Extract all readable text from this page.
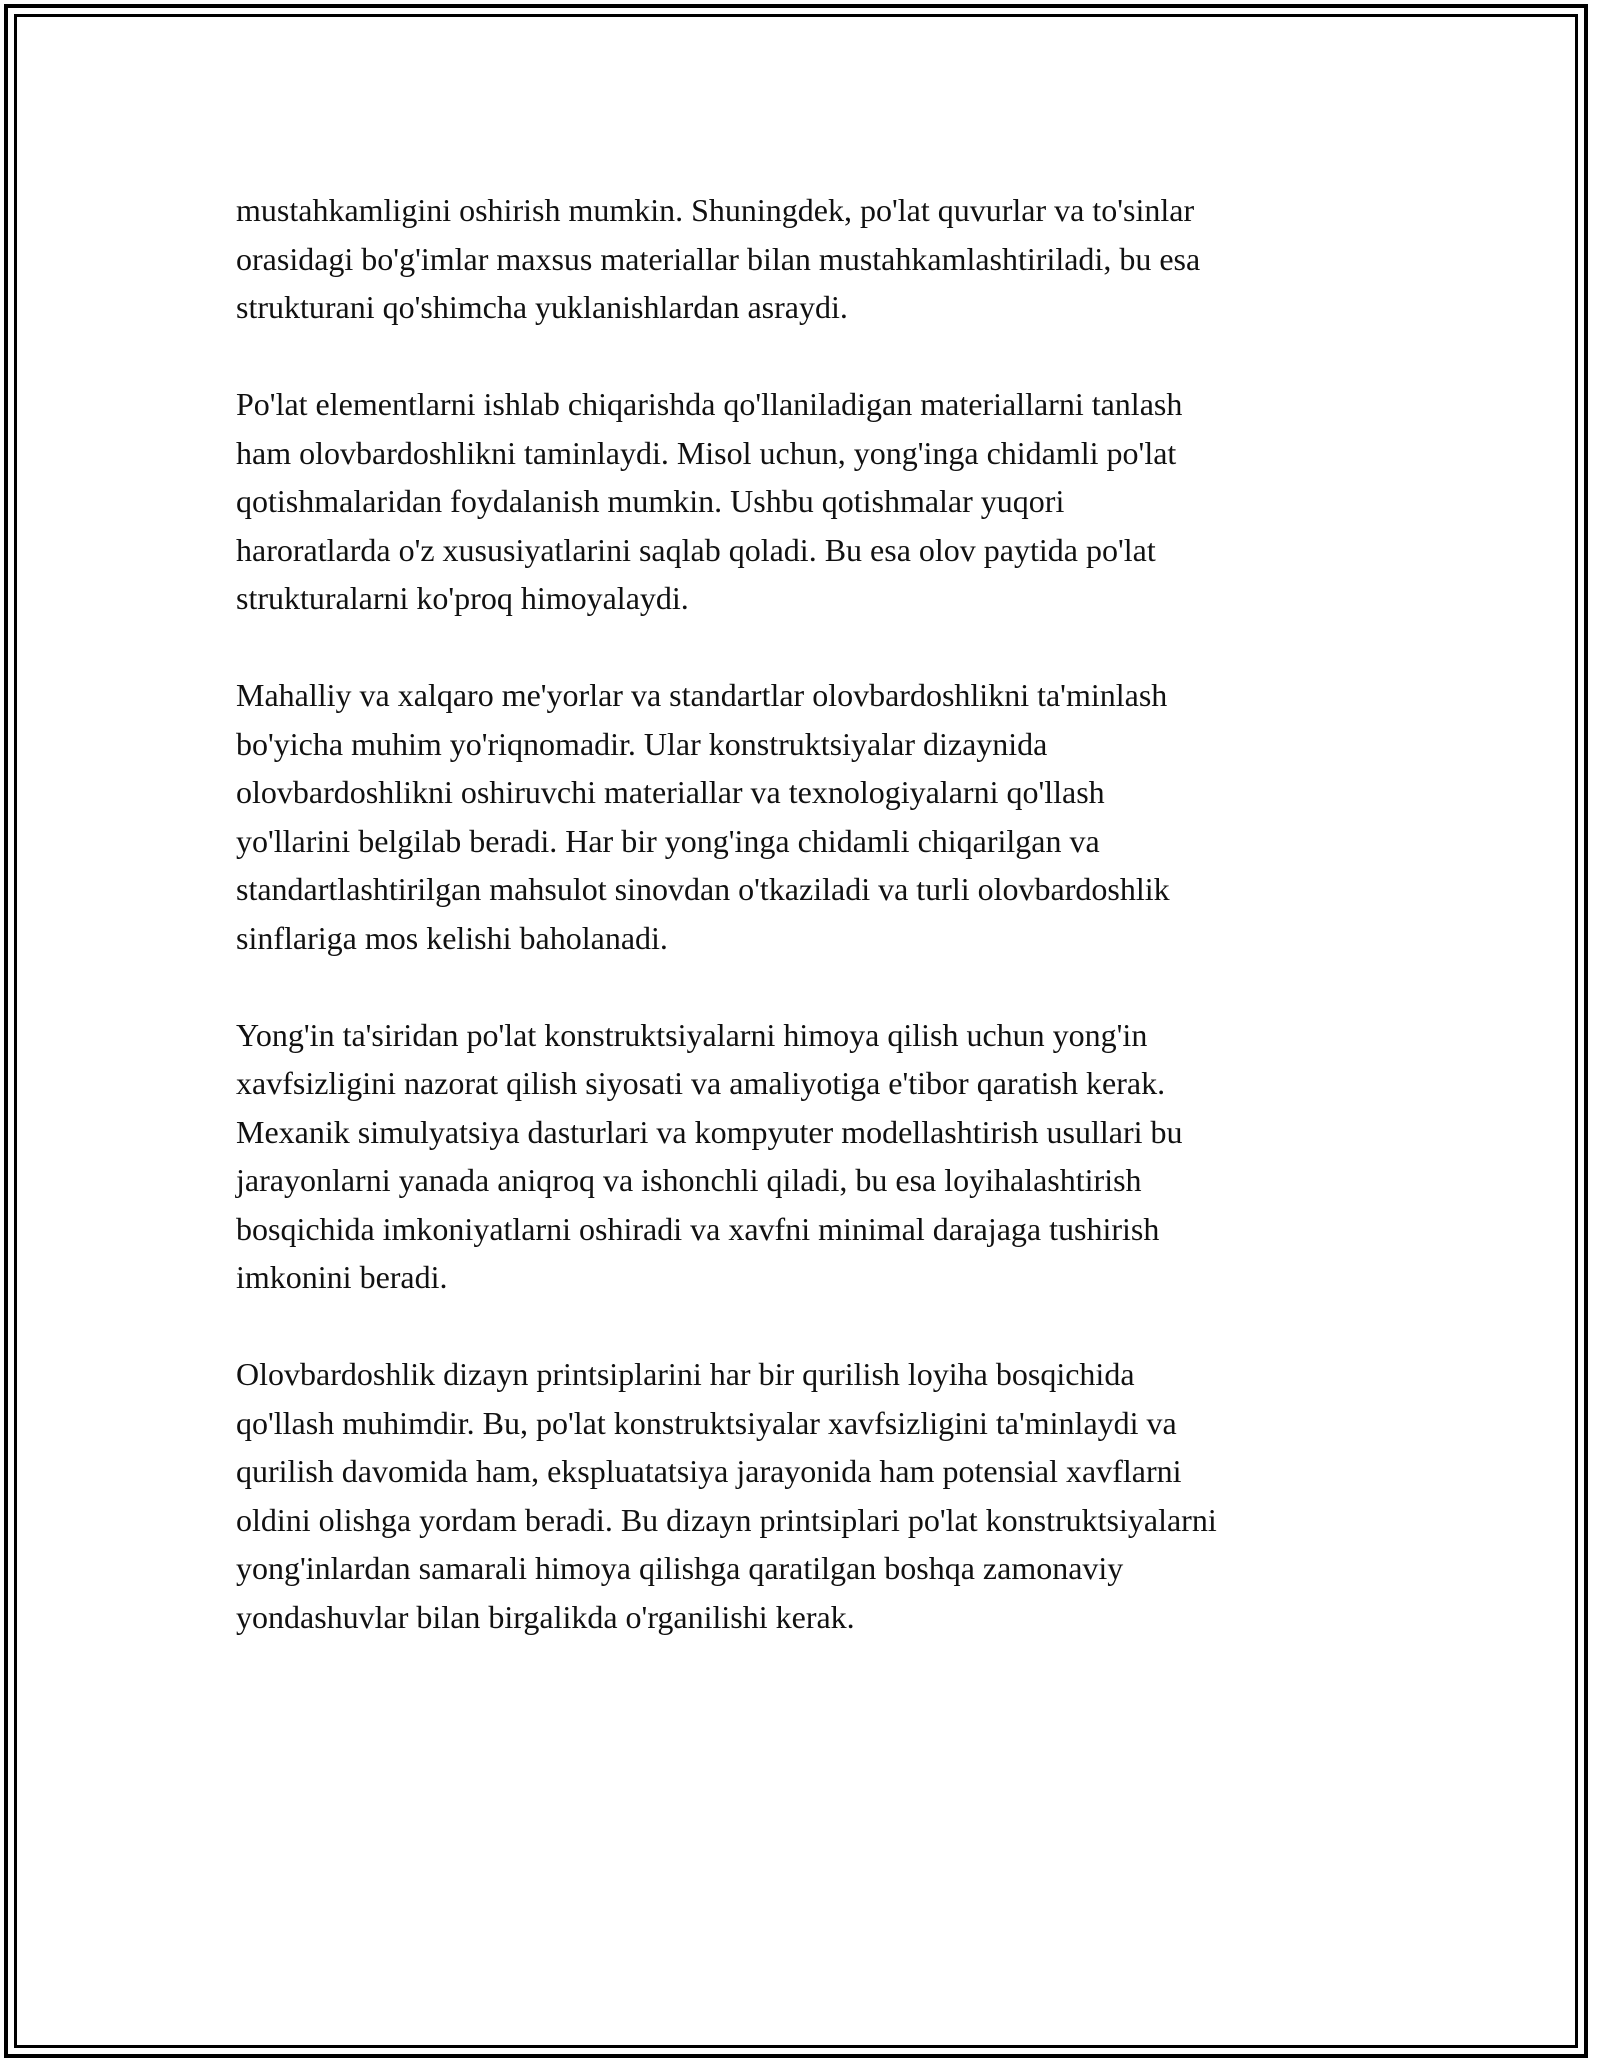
mustahkamligini oshirish mumkin. Shuningdek, po'lat quvurlar va to'sinlar
orasidagi bo'g'imlar maxsus materiallar bilan mustahkamlashtiriladi, bu esa
strukturani qo'shimcha yuklanishlardan asraydi.

Po'lat elementlarni ishlab chiqarishda qo'llaniladigan materiallarni tanlash
ham olovbardoshlikni taminlaydi. Misol uchun, yong'inga chidamli po'lat
qotishmalaridan foydalanish mumkin. Ushbu qotishmalar yuqori
haroratlarda o'z xususiyatlarini saqlab qoladi. Bu esa olov paytida po'lat
strukturalarni ko'proq himoyalaydi.

Mahalliy va xalqaro me'yorlar va standartlar olovbardoshlikni ta'minlash
bo'yicha muhim yo'riqnomadir. Ular konstruktsiyalar dizaynida
olovbardoshlikni oshiruvchi materiallar va texnologiyalarni qo'llash
yo'llarini belgilab beradi. Har bir yong'inga chidamli chiqarilgan va
standartlashtirilgan mahsulot sinovdan o'tkaziladi va turli olovbardoshlik
sinflariga mos kelishi baholanadi.

Yong'in ta'siridan po'lat konstruktsiyalarni himoya qilish uchun yong'in
xavfsizligini nazorat qilish siyosati va amaliyotiga e'tibor qaratish kerak.
Mexanik simulyatsiya dasturlari va kompyuter modellashtirish usullari bu
jarayonlarni yanada aniqroq va ishonchli qiladi, bu esa loyihalashtirish
bosqichida imkoniyatlarni oshiradi va xavfni minimal darajaga tushirish
imkonini beradi.

Olovbardoshlik dizayn printsiplarini har bir qurilish loyiha bosqichida
qo'llash muhimdir. Bu, po'lat konstruktsiyalar xavfsizligini ta'minlaydi va
qurilish davomida ham, ekspluatatsiya jarayonida ham potensial xavflarni
oldini olishga yordam beradi. Bu dizayn printsiplari po'lat konstruktsiyalarni
yong'inlardan samarali himoya qilishga qaratilgan boshqa zamonaviy
yondashuvlar bilan birgalikda o'rganilishi kerak.
